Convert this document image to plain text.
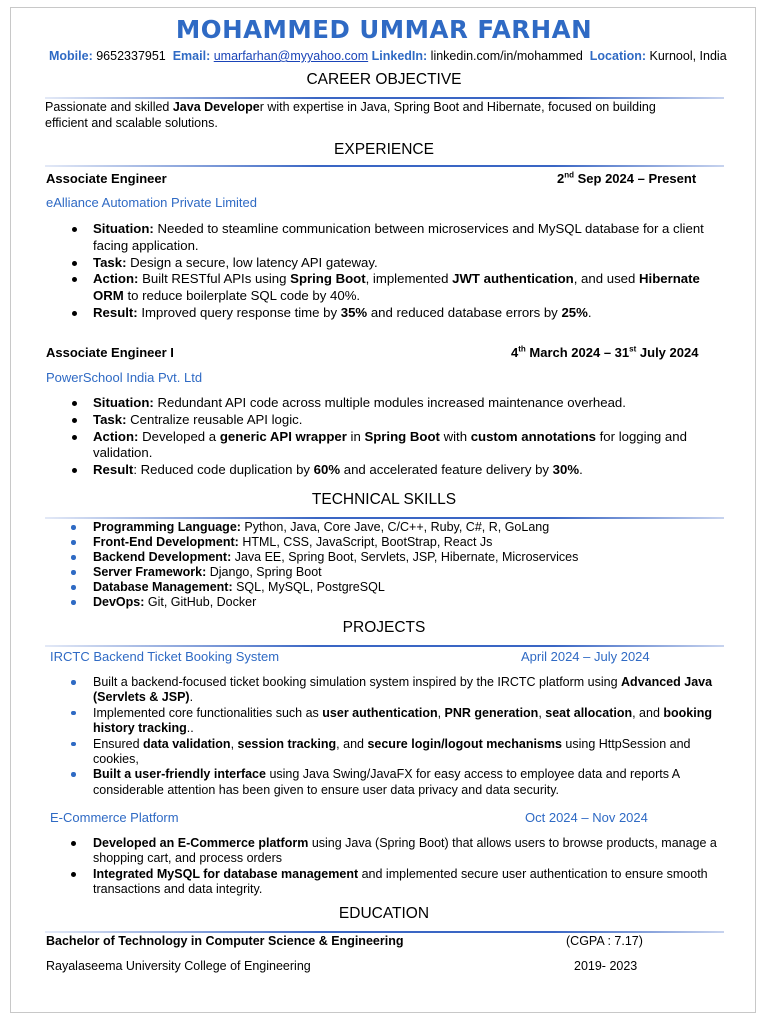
MOHAMMED UMMAR FARHAN
Mobile: 9652337951 Email: umarfarhan@myyahoo.com LinkedIn: linkedin.com/in/mohammed Location: Kurnool, India
CAREER OBJECTIVE
Passionate and skilled Java Developer with expertise in Java, Spring Boot and Hibernate, focused on building
efficient and scalable solutions.
EXPERIENCE
Associate Engineer	2nd Sep 2024 – Present
eAlliance Automation Private Limited
Situation: Needed to steamline communication between microservices and MySQL database for a client facing application.
Task: Design a secure, low latency API gateway.
Action: Built RESTful APIs using Spring Boot, implemented JWT authentication, and used Hibernate ORM to reduce boilerplate SQL code by 40%.
Result: Improved query response time by 35% and reduced database errors by 25%.
Associate Engineer I	4th March 2024 – 31st July 2024
PowerSchool India Pvt. Ltd
Situation: Redundant API code across multiple modules increased maintenance overhead.
Task: Centralize reusable API logic.
Action: Developed a generic API wrapper in Spring Boot with custom annotations for logging and validation.
Result: Reduced code duplication by 60% and accelerated feature delivery by 30%.
TECHNICAL SKILLS
Programming Language: Python, Java, Core Jave, C/C++, Ruby, C#, R, GoLang
Front-End Development: HTML, CSS, JavaScript, BootStrap, React Js
Backend Development: Java EE, Spring Boot, Servlets, JSP, Hibernate, Microservices
Server Framework: Django, Spring Boot
Database Management: SQL, MySQL, PostgreSQL
DevOps: Git, GitHub, Docker
PROJECTS
IRCTC Backend Ticket Booking System	April 2024 – July 2024
Built a backend-focused ticket booking simulation system inspired by the IRCTC platform using Advanced Java (Servlets & JSP).
Implemented core functionalities such as user authentication, PNR generation, seat allocation, and booking history tracking..
Ensured data validation, session tracking, and secure login/logout mechanisms using HttpSession and cookies,
Built a user-friendly interface using Java Swing/JavaFX for easy access to employee data and reports A considerable attention has been given to ensure user data privacy and data security.
E-Commerce Platform	Oct 2024 – Nov 2024
Developed an E-Commerce platform using Java (Spring Boot) that allows users to browse products, manage a shopping cart, and process orders
Integrated MySQL for database management and implemented secure user authentication to ensure smooth transactions and data integrity.
EDUCATION
Bachelor of Technology in Computer Science & Engineering	(CGPA : 7.17)
Rayalaseema University College of Engineering	2019- 2023
